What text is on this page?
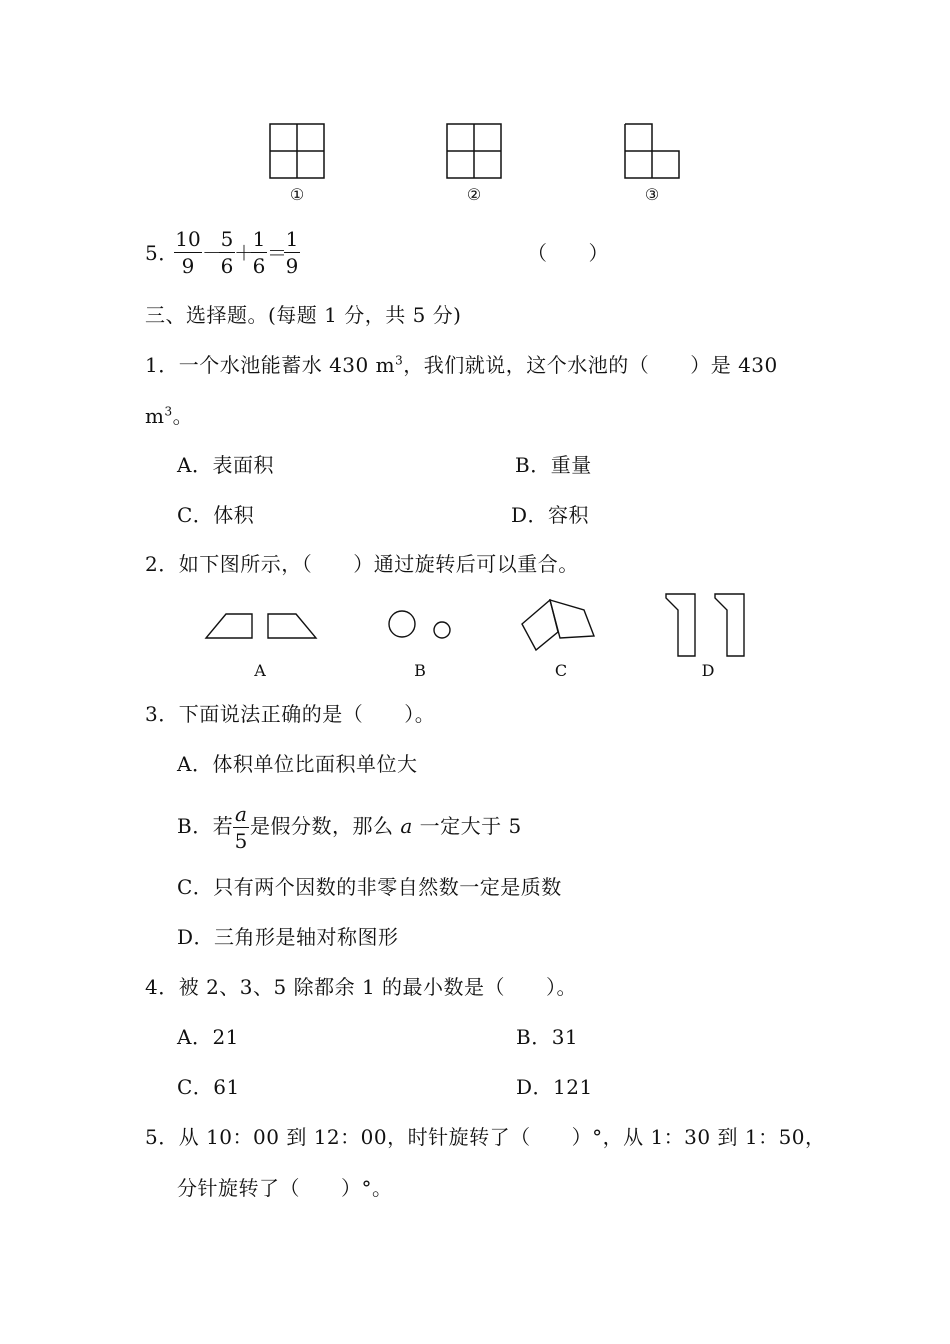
①	②	③
5．
10
9
－
5
6
＋
1
6
＝
1
9
（　　）
三、选择题。(每题 1 分，共 5 分)
1．一个水池能蓄水 430 $m^3$，我们就说，这个水池的（　　）是 430
$m^3$。
A．表面积	B．重量
C．体积	D．容积
2．如下图所示，（　　）通过旋转后可以重合。
A	B	C	D
3．下面说法正确的是（　　）。
A．体积单位比面积单位大
B．若 a
5
是假分数，那么 a 一定大于 5
C．只有两个因数的非零自然数一定是质数
D．三角形是轴对称图形
4．被 2、3、5 除都余 1 的最小数是（　　）。
A．21	B．31
C．61	D．121
5．从 10：00 到 12：00，时针旋转了（　　）°，从 1：30 到 1：50，
分针旋转了（　　）°。
